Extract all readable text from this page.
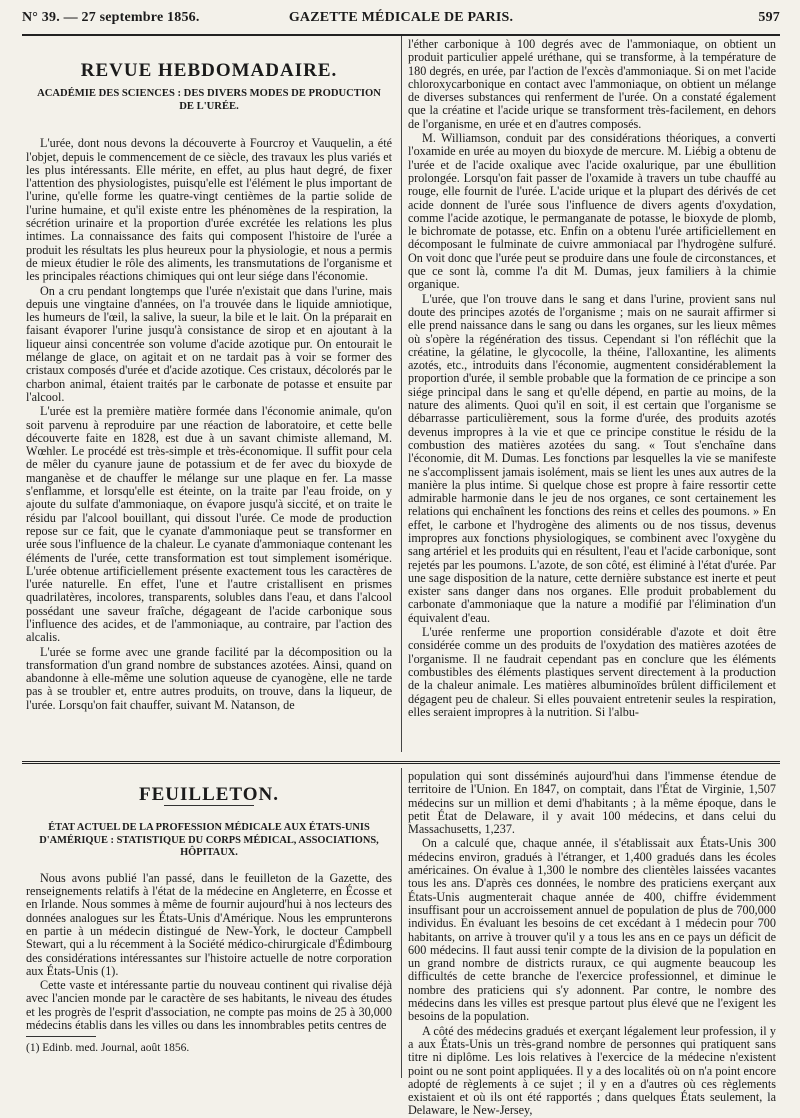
N° 39. — 27 septembre 1856.	GAZETTE MÉDICALE DE PARIS.	597
REVUE HEBDOMADAIRE.
ACADÉMIE DES SCIENCES : DES DIVERS MODES DE PRODUCTION DE L'URÉE.

L'urée, dont nous devons la découverte à Fourcroy et Vauquelin, a été l'objet, depuis le commencement de ce siècle, des travaux les plus variés et les plus intéressants. Elle mérite, en effet, au plus haut degré, de fixer l'attention des physiologistes, puisqu'elle est l'élément le plus important de l'urine, qu'elle forme les quatre-vingt centièmes de la partie solide de l'urine humaine, et qu'il existe entre les phénomènes de la respiration, la sécrétion urinaire et la proportion d'urée excrétée les relations les plus intimes. La connaissance des faits qui composent l'histoire de l'urée a produit les résultats les plus heureux pour la physiologie, et nous a permis de mieux étudier le rôle des aliments, les transmutations de l'organisme et les principales réactions chimiques qui ont leur siége dans l'économie.

On a cru pendant longtemps que l'urée n'existait que dans l'urine, mais depuis une vingtaine d'années, on l'a trouvée dans le liquide amniotique, les humeurs de l'œil, la salive, la sueur, la bile et le lait. On la préparait en faisant évaporer l'urine jusqu'à consistance de sirop et en ajoutant à la liqueur ainsi concentrée son volume d'acide azotique pur. On entourait le mélange de glace, on agitait et on ne tardait pas à voir se former des cristaux composés d'urée et d'acide azotique. Ces cristaux, décolorés par le charbon animal, étaient traités par le carbonate de potasse et ensuite par l'alcool.

L'urée est la première matière formée dans l'économie animale, qu'on soit parvenu à reproduire par une réaction de laboratoire, et cette belle découverte faite en 1828, est due à un savant chimiste allemand, M. Wœhler. Le procédé est très-simple et très-économique. Il suffit pour cela de mêler du cyanure jaune de potassium et de fer avec du bioxyde de manganèse et de chauffer le mélange sur une plaque en fer. La masse s'enflamme, et lorsqu'elle est éteinte, on la traite par l'eau froide, on y ajoute du sulfate d'ammoniaque, on évapore jusqu'à siccité, et on traite le résidu par l'alcool bouillant, qui dissout l'urée. Ce mode de production repose sur ce fait, que le cyanate d'ammoniaque peut se transformer en urée sous l'influence de la chaleur. Le cyanate d'ammoniaque contenant les éléments de l'urée, cette transformation est tout simplement isomérique. L'urée obtenue artificiellement présente exactement tous les caractères de l'urée naturelle. En effet, l'une et l'autre cristallisent en prismes quadrilatères, incolores, transparents, solubles dans l'eau, et dans l'alcool possédant une saveur fraîche, dégageant de l'acide carbonique sous l'influence des acides, et de l'ammoniaque, au contraire, par l'action des alcalis.

L'urée se forme avec une grande facilité par la décomposition ou la transformation d'un grand nombre de substances azotées. Ainsi, quand on abandonne à elle-même une solution aqueuse de cyanogène, elle ne tarde pas à se troubler et, entre autres produits, on trouve, dans la liqueur, de l'urée. Lorsqu'on fait chauffer, suivant M. Natanson, de

l'éther carbonique à 100 degrés avec de l'ammoniaque, on obtient un produit particulier appelé uréthane, qui se transforme, à la température de 180 degrés, en urée, par l'action de l'excès d'ammoniaque. Si on met l'acide chloroxycarbonique en contact avec l'ammoniaque, on obtient un mélange de diverses substances qui renferment de l'urée. On a constaté également que la créatine et l'acide urique se transforment très-facilement, en dehors de l'organisme, en urée et en d'autres composés.

M. Williamson, conduit par des considérations théoriques, a converti l'oxamide en urée au moyen du bioxyde de mercure. M. Liébig a obtenu de l'urée et de l'acide oxalique avec l'acide oxalurique, par une ébullition prolongée. Lorsqu'on fait passer de l'oxamide à travers un tube chauffé au rouge, elle fournit de l'urée. L'acide urique et la plupart des dérivés de cet acide donnent de l'urée sous l'influence de divers agents d'oxydation, comme l'acide azotique, le permanganate de potasse, le bioxyde de plomb, le bichromate de potasse, etc. Enfin on a obtenu l'urée artificiellement en décomposant le fulminate de cuivre ammoniacal par l'hydrogène sulfuré. On voit donc que l'urée peut se produire dans une foule de circonstances, et que ce sont là, comme l'a dit M. Dumas, jeux familiers à la chimie organique.

L'urée, que l'on trouve dans le sang et dans l'urine, provient sans nul doute des principes azotés de l'organisme ; mais on ne saurait affirmer si elle prend naissance dans le sang ou dans les organes, sur les lieux mêmes où s'opère la régénération des tissus. Cependant si l'on réfléchit que la créatine, la gélatine, le glycocolle, la théine, l'alloxantine, les aliments azotés, etc., introduits dans l'économie, augmentent considérablement la proportion d'urée, il semble probable que la formation de ce principe a son siége principal dans le sang et qu'elle dépend, en partie au moins, de la nature des aliments. Quoi qu'il en soit, il est certain que l'organisme se débarrasse particulièrement, sous la forme d'urée, des produits azotés devenus impropres à la vie et que ce principe constitue le résidu de la combustion des matières azotées du sang. « Tout s'enchaîne dans l'économie, dit M. Dumas. Les fonctions par lesquelles la vie se manifeste ne s'accomplissent jamais isolément, mais se lient les unes aux autres de la manière la plus intime. Si quelque chose est propre à faire ressortir cette admirable harmonie dans le jeu de nos organes, ce sont certainement les relations qui enchaînent les fonctions des reins et celles des poumons. » En effet, le carbone et l'hydrogène des aliments ou de nos tissus, devenus impropres aux fonctions physiologiques, se combinent avec l'oxygène du sang artériel et les produits qui en résultent, l'eau et l'acide carbonique, sont rejetés par les poumons. L'azote, de son côté, est éliminé à l'état d'urée. Par une sage disposition de la nature, cette dernière substance est inerte et peut exister sans danger dans nos organes. Elle produit probablement du carbonate d'ammoniaque que la nature a modifié par l'élimination d'un équivalent d'eau.

L'urée renferme une proportion considérable d'azote et doit être considérée comme un des produits de l'oxydation des matières azotées de l'organisme. Il ne faudrait cependant pas en conclure que les éléments combustibles des éléments plastiques servent directement à la production de la chaleur animale. Les matières albuminoïdes brûlent difficilement et dégagent peu de chaleur. Si elles pouvaient entretenir seules la respiration, elles seraient impropres à la nutrition. Si l'albu-

FEUILLETON.
ÉTAT ACTUEL DE LA PROFESSION MÉDICALE AUX ÉTATS-UNIS D'AMÉRIQUE : STATISTIQUE DU CORPS MÉDICAL, ASSOCIATIONS, HÔPITAUX.

Nous avons publié l'an passé, dans le feuilleton de la Gazette, des renseignements relatifs à l'état de la médecine en Angleterre, en Écosse et en Irlande. Nous sommes à même de fournir aujourd'hui à nos lecteurs des données analogues sur les États-Unis d'Amérique. Nous les emprunterons en partie à un médecin distingué de New-York, le docteur Campbell Stewart, qui a lu récemment à la Société médico-chirurgicale d'Édimbourg des considérations intéressantes sur l'histoire actuelle de notre corporation aux États-Unis (1).

Cette vaste et intéressante partie du nouveau continent qui rivalise déjà avec l'ancien monde par le caractère de ses habitants, le niveau des études et les progrès de l'esprit d'association, ne compte pas moins de 25 à 30,000 médecins établis dans les villes ou dans les innombrables petits centres de

(1) Edinb. med. Journal, août 1856.

population qui sont disséminés aujourd'hui dans l'immense étendue de territoire de l'Union. En 1847, on comptait, dans l'État de Virginie, 1,507 médecins sur un million et demi d'habitants ; à la même époque, dans le petit État de Delaware, il y avait 100 médecins, et dans celui du Massachusetts, 1,237.

On a calculé que, chaque année, il s'établissait aux États-Unis 300 médecins environ, gradués à l'étranger, et 1,400 gradués dans les écoles américaines. On évalue à 1,300 le nombre des clientèles laissées vacantes tous les ans. D'après ces données, le nombre des praticiens exerçant aux États-Unis augmenterait chaque année de 400, chiffre évidemment insuffisant pour un accroissement annuel de population de plus de 700,000 individus. En évaluant les besoins de cet excédant à 1 médecin pour 700 habitants, on arrive à trouver qu'il y a tous les ans en ce pays un déficit de 600 médecins. Il faut aussi tenir compte de la division de la population en un grand nombre de districts ruraux, ce qui augmente beaucoup les difficultés de cette branche de l'exercice professionnel, et diminue le nombre des praticiens qui s'y adonnent. Par contre, le nombre des médecins dans les villes est presque partout plus élevé que ne l'exigent les besoins de la population.

A côté des médecins gradués et exerçant légalement leur profession, il y a aux États-Unis un très-grand nombre de personnes qui pratiquent sans titre ni diplôme. Les lois relatives à l'exercice de la médecine n'existent point ou ne sont point appliquées. Il y a des localités où on n'a point encore adopté de règlements à ce sujet ; il y en a d'autres où ces règlements existaient et où ils ont été rapportés ; dans quelques États seulement, la Delaware, le New-Jersey,
